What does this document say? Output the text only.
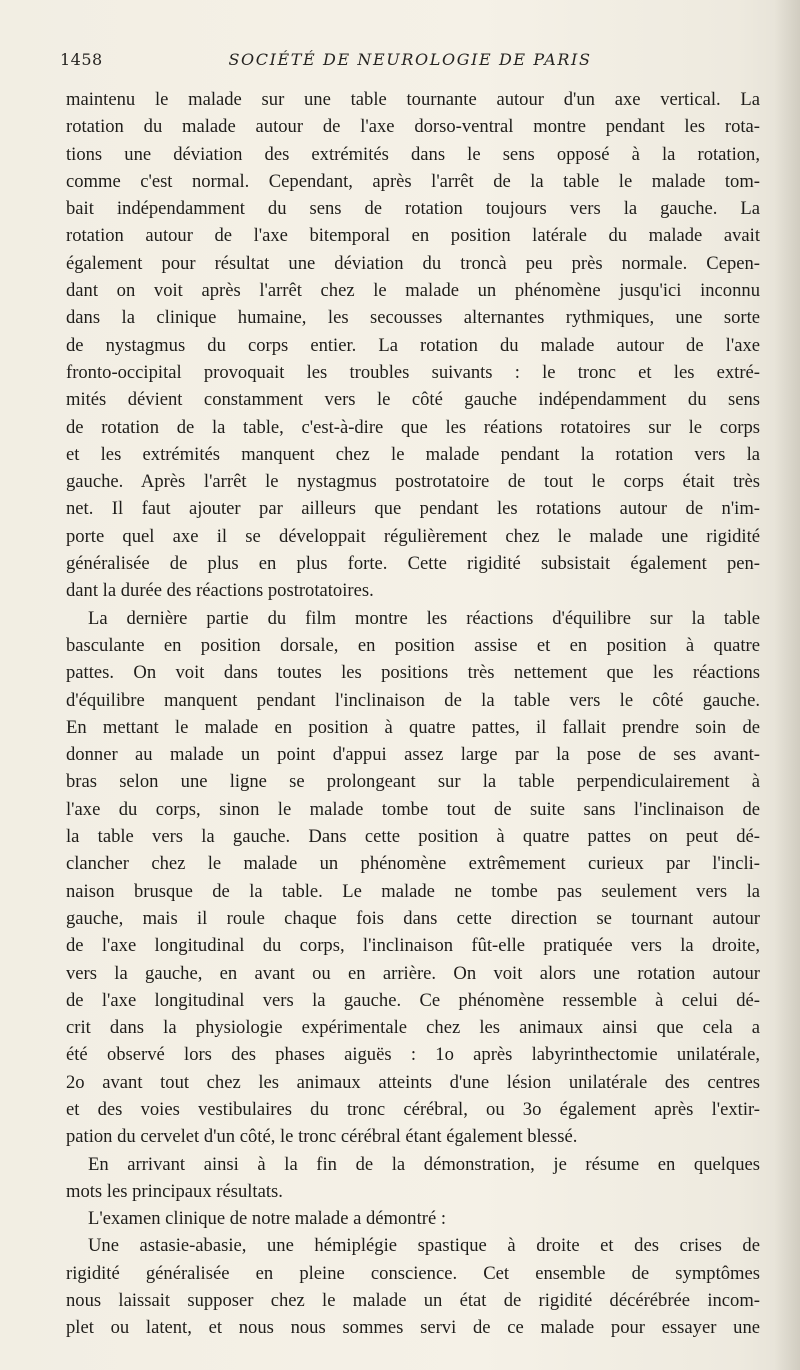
1458	SOCIÉTÉ DE NEUROLOGIE DE PARIS
maintenu le malade sur une table tournante autour d'un axe vertical. La
rotation du malade autour de l'axe dorso-ventral montre pendant les rota-
tions une déviation des extrémités dans le sens opposé à la rotation,
comme c'est normal. Cependant, après l'arrêt de la table le malade tom-
bait indépendamment du sens de rotation toujours vers la gauche. La
rotation autour de l'axe bitemporal en position latérale du malade avait
également pour résultat une déviation du troncà peu près normale. Cepen-
dant on voit après l'arrêt chez le malade un phénomène jusqu'ici inconnu
dans la clinique humaine, les secousses alternantes rythmiques, une sorte
de nystagmus du corps entier. La rotation du malade autour de l'axe
fronto-occipital provoquait les troubles suivants : le tronc et les extré-
mités dévient constamment vers le côté gauche indépendamment du sens
de rotation de la table, c'est-à-dire que les réations rotatoires sur le corps
et les extrémités manquent chez le malade pendant la rotation vers la
gauche. Après l'arrêt le nystagmus postrotatoire de tout le corps était très
net. Il faut ajouter par ailleurs que pendant les rotations autour de n'im-
porte quel axe il se développait régulièrement chez le malade une rigidité
généralisée de plus en plus forte. Cette rigidité subsistait également pen-
dant la durée des réactions postrotatoires.
La dernière partie du film montre les réactions d'équilibre sur la table
basculante en position dorsale, en position assise et en position à quatre
pattes. On voit dans toutes les positions très nettement que les réactions
d'équilibre manquent pendant l'inclinaison de la table vers le côté gauche.
En mettant le malade en position à quatre pattes, il fallait prendre soin de
donner au malade un point d'appui assez large par la pose de ses avant-
bras selon une ligne se prolongeant sur la table perpendiculairement à
l'axe du corps, sinon le malade tombe tout de suite sans l'inclinaison de
la table vers la gauche. Dans cette position à quatre pattes on peut dé-
clancher chez le malade un phénomène extrêmement curieux par l'incli-
naison brusque de la table. Le malade ne tombe pas seulement vers la
gauche, mais il roule chaque fois dans cette direction se tournant autour
de l'axe longitudinal du corps, l'inclinaison fût-elle pratiquée vers la droite,
vers la gauche, en avant ou en arrière. On voit alors une rotation autour
de l'axe longitudinal vers la gauche. Ce phénomène ressemble à celui dé-
crit dans la physiologie expérimentale chez les animaux ainsi que cela a
été observé lors des phases aiguës : 1o après labyrinthectomie unilatérale,
2o avant tout chez les animaux atteints d'une lésion unilatérale des centres
et des voies vestibulaires du tronc cérébral, ou 3o également après l'extir-
pation du cervelet d'un côté, le tronc cérébral étant également blessé.
En arrivant ainsi à la fin de la démonstration, je résume en quelques
mots les principaux résultats.
L'examen clinique de notre malade a démontré :
Une astasie-abasie, une hémiplégie spastique à droite et des crises de
rigidité généralisée en pleine conscience. Cet ensemble de symptômes
nous laissait supposer chez le malade un état de rigidité décérébrée incom-
plet ou latent, et nous nous sommes servi de ce malade pour essayer une
